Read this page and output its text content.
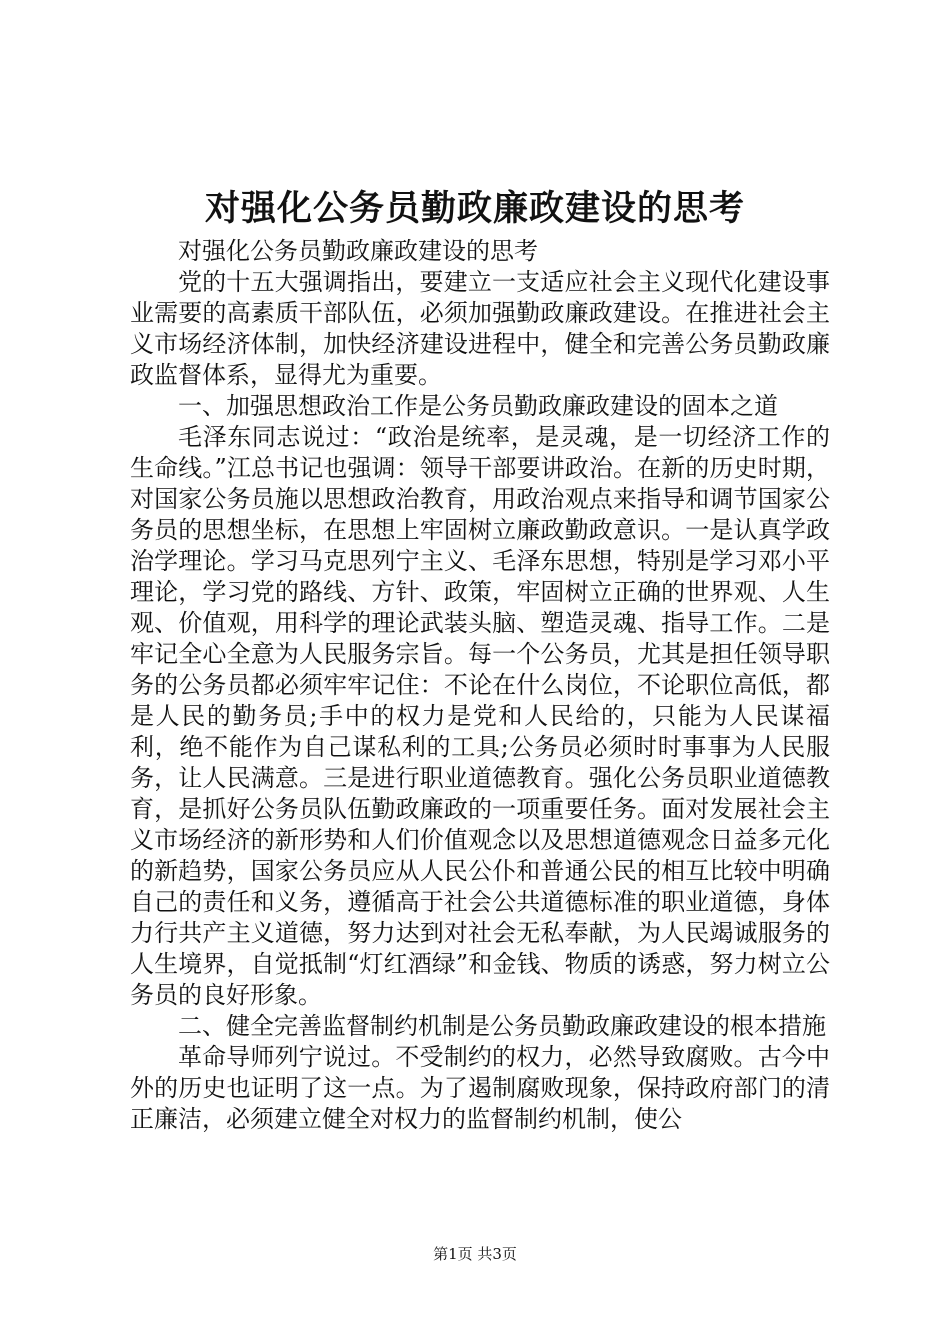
对强化公务员勤政廉政建设的思考

对强化公务员勤政廉政建设的思考

党的十五大强调指出，要建立一支适应社会主义现代化建设事业需要的高素质干部队伍，必须加强勤政廉政建设。在推进社会主义市场经济体制，加快经济建设进程中，健全和完善公务员勤政廉政监督体系，显得尤为重要。

一、加强思想政治工作是公务员勤政廉政建设的固本之道

毛泽东同志说过：“政治是统率，是灵魂，是一切经济工作的生命线。”江总书记也强调：领导干部要讲政治。在新的历史时期，对国家公务员施以思想政治教育，用政治观点来指导和调节国家公务员的思想坐标，在思想上牢固树立廉政勤政意识。一是认真学政治学理论。学习马克思列宁主义、毛泽东思想，特别是学习邓小平理论，学习党的路线、方针、政策，牢固树立正确的世界观、人生观、价值观，用科学的理论武装头脑、塑造灵魂、指导工作。二是牢记全心全意为人民服务宗旨。每一个公务员，尤其是担任领导职务的公务员都必须牢牢记住：不论在什么岗位，不论职位高低，都是人民的勤务员;手中的权力是党和人民给的，只能为人民谋福利，绝不能作为自己谋私利的工具;公务员必须时时事事为人民服务，让人民满意。三是进行职业道德教育。强化公务员职业道德教育，是抓好公务员队伍勤政廉政的一项重要任务。面对发展社会主义市场经济的新形势和人们价值观念以及思想道德观念日益多元化的新趋势，国家公务员应从人民公仆和普通公民的相互比较中明确自己的责任和义务，遵循高于社会公共道德标准的职业道德，身体力行共产主义道德，努力达到对社会无私奉献，为人民竭诚服务的人生境界，自觉抵制“灯红酒绿”和金钱、物质的诱惑，努力树立公务员的良好形象。

二、健全完善监督制约机制是公务员勤政廉政建设的根本措施

革命导师列宁说过。不受制约的权力，必然导致腐败。古今中外的历史也证明了这一点。为了遏制腐败现象，保持政府部门的清正廉洁，必须建立健全对权力的监督制约机制，使公

第1页 共3页
